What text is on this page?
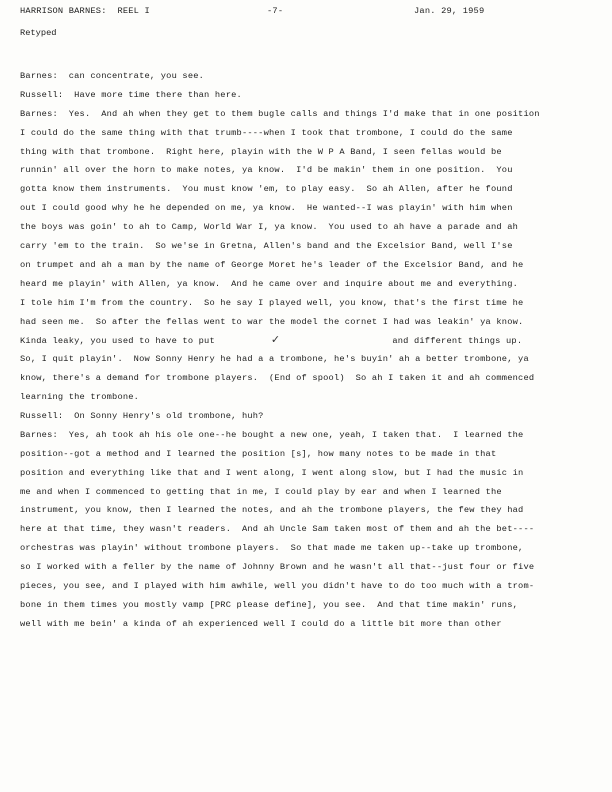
HARRISON BARNES:  REEL I	-7-	Jan. 29, 1959
Retyped
Barnes:  can concentrate, you see.
Russell:  Have more time there than here.
Barnes:  Yes.  And ah when they get to them bugle calls and things I'd make that in one position
I could do the same thing with that trumb----when I took that trombone, I could do the same
thing with that trombone.  Right here, playin with the W P A Band, I seen fellas would be
runnin' all over the horn to make notes, ya know.  I'd be makin' them in one position.  You
gotta know them instruments.  You must know 'em, to play easy.  So ah Allen, after he found
out I could good why he he depended on me, ya know.  He wanted--I was playin' with him when
the boys was goin' to ah to Camp, World War I, ya know.  You used to ah have a parade and ah
carry 'em to the train.  So we'se in Gretna, Allen's band and the Excelsior Band, well I'se
on trumpet and ah a man by the name of George Moret he's leader of the Excelsior Band, and he
heard me playin' with Allen, ya know.  And he came over and inquire about me and everything.
I tole him I'm from the country.  So he say I played well, you know, that's the first time he
had seen me.  So after the fellas went to war the model the cornet I had was leakin' ya know.
Kinda leaky, you used to have to put	✓	and different things up.
So, I quit playin'.  Now Sonny Henry he had a a trombone, he's buyin' ah a better trombone, ya
know, there's a demand for trombone players.  (End of spool)  So ah I taken it and ah commenced
learning the trombone.
Russell:  On Sonny Henry's old trombone, huh?
Barnes:  Yes, ah took ah his ole one--he bought a new one, yeah, I taken that.  I learned the
position--got a method and I learned the position [s], how many notes to be made in that
position and everything like that and I went along, I went along slow, but I had the music in
me and when I commenced to getting that in me, I could play by ear and when I learned the
instrument, you know, then I learned the notes, and ah the trombone players, the few they had
here at that time, they wasn't readers.  And ah Uncle Sam taken most of them and ah the bet----
orchestras was playin' without trombone players.  So that made me taken up--take up trombone,
so I worked with a feller by the name of Johnny Brown and he wasn't all that--just four or five
pieces, you see, and I played with him awhile, well you didn't have to do too much with a trom-
bone in them times you mostly vamp [PRC please define], you see.  And that time makin' runs,
well with me bein' a kinda of ah experienced well I could do a little bit more than other
